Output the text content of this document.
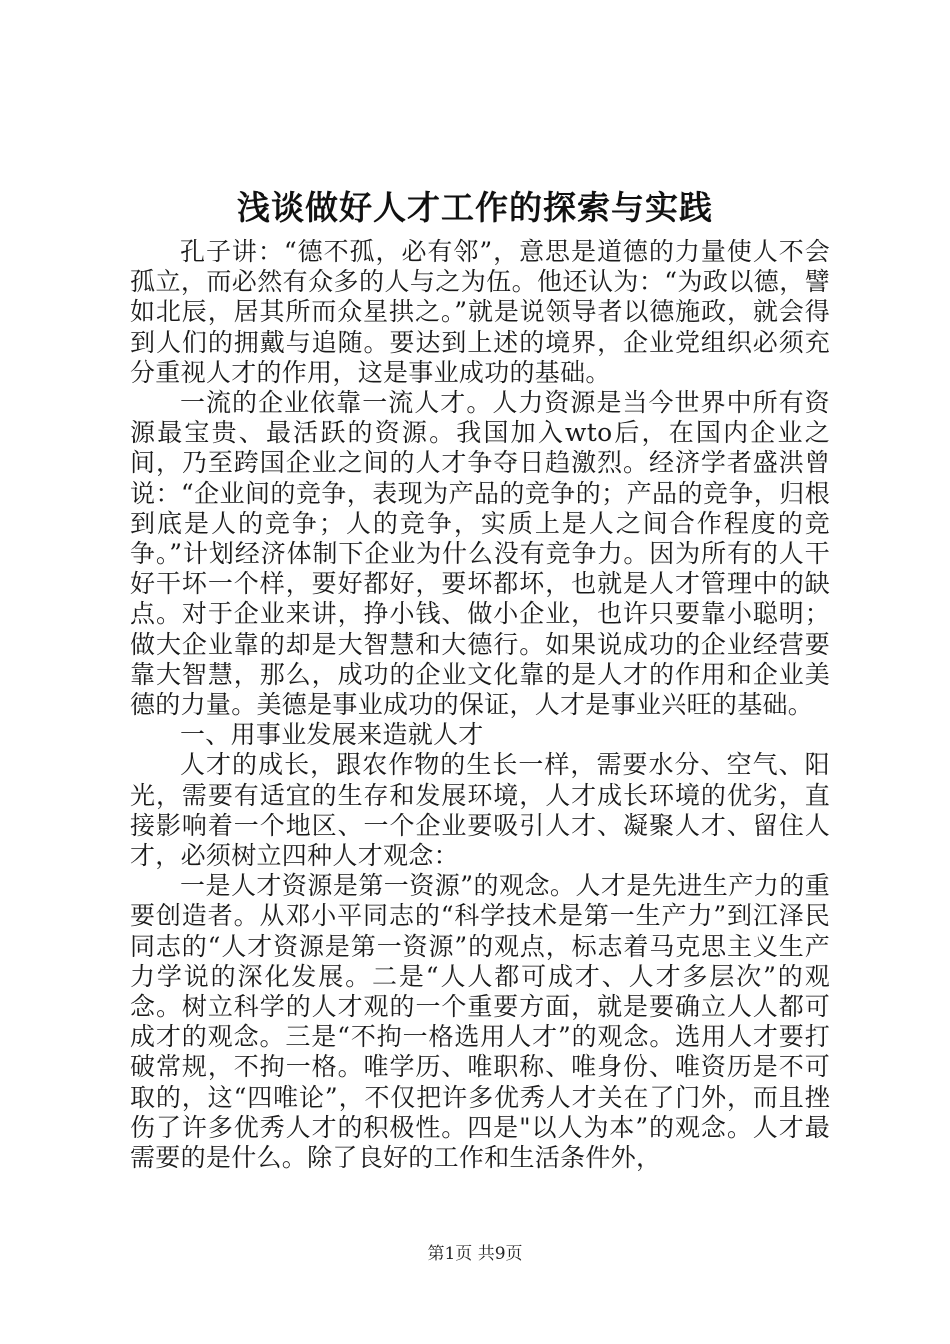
浅谈做好人才工作的探索与实践

孔子讲：“德不孤，必有邻”，意思是道德的力量使人不会孤立，而必然有众多的人与之为伍。他还认为：“为政以德，譬如北辰，居其所而众星拱之。”就是说领导者以德施政，就会得到人们的拥戴与追随。要达到上述的境界，企业党组织必须充分重视人才的作用，这是事业成功的基础。

一流的企业依靠一流人才。人力资源是当今世界中所有资源最宝贵、最活跃的资源。我国加入wto后，在国内企业之间，乃至跨国企业之间的人才争夺日趋激烈。经济学者盛洪曾说：“企业间的竞争，表现为产品的竞争的；产品的竞争，归根到底是人的竞争；人的竞争，实质上是人之间合作程度的竞争。”计划经济体制下企业为什么没有竞争力。因为所有的人干好干坏一个样，要好都好，要坏都坏，也就是人才管理中的缺点。对于企业来讲，挣小钱、做小企业，也许只要靠小聪明；做大企业靠的却是大智慧和大德行。如果说成功的企业经营要靠大智慧，那么，成功的企业文化靠的是人才的作用和企业美德的力量。美德是事业成功的保证，人才是事业兴旺的基础。

一、用事业发展来造就人才

人才的成长，跟农作物的生长一样，需要水分、空气、阳光，需要有适宜的生存和发展环境，人才成长环境的优劣，直接影响着一个地区、一个企业要吸引人才、凝聚人才、留住人才，必须树立四种人才观念：

一是人才资源是第一资源”的观念。人才是先进生产力的重要创造者。从邓小平同志的“科学技术是第一生产力”到江泽民同志的“人才资源是第一资源”的观点，标志着马克思主义生产力学说的深化发展。二是“人人都可成才、人才多层次”的观念。树立科学的人才观的一个重要方面，就是要确立人人都可成才的观念。三是“不拘一格选用人才”的观念。选用人才要打破常规，不拘一格。唯学历、唯职称、唯身份、唯资历是不可取的，这“四唯论”，不仅把许多优秀人才关在了门外，而且挫伤了许多优秀人才的积极性。四是"以人为本”的观念。人才最需要的是什么。除了良好的工作和生活条件外，

第1页 共9页
